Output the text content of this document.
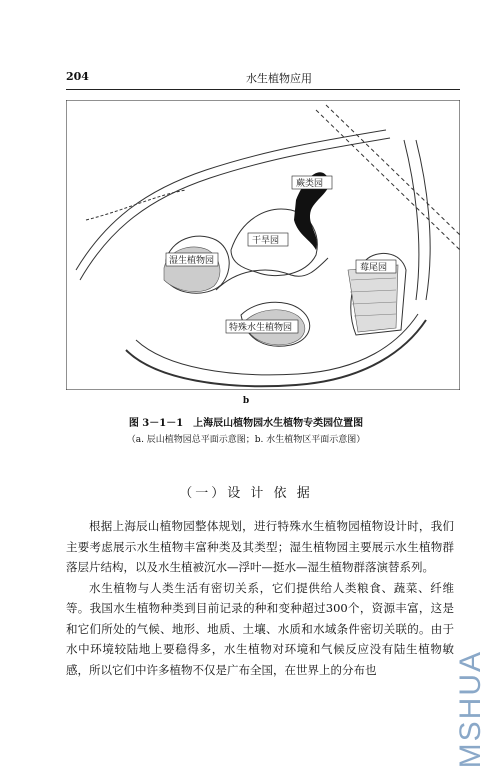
204	水生植物应用
蕨类园
干旱园
湿生植物园
莓尾园
特殊水生植物园
b
图 3－1－1　上海辰山植物园水生植物专类园位置图
（a. 辰山植物园总平面示意图；b. 水生植物区平面示意图）
（一）设 计 依 据

根据上海辰山植物园整体规划，进行特殊水生植物园植物设计时，我们主要考虑展示水生植物丰富种类及其类型；湿生植物园主要展示水生植物群落层片结构，以及水生植被沉水—浮叶—挺水—湿生植物群落演替系列。

水生植物与人类生活有密切关系，它们提供给人类粮食、蔬菜、纤维等。我国水生植物种类到目前记录的种和变种超过300个，资源丰富，这是和它们所处的气候、地形、地质、土壤、水质和水域条件密切关联的。由于水中环境较陆地上要稳得多，水生植物对环境和气候反应没有陆生植物敏感，所以它们中许多植物不仅是广布全国，在世界上的分布也	MSHUA
